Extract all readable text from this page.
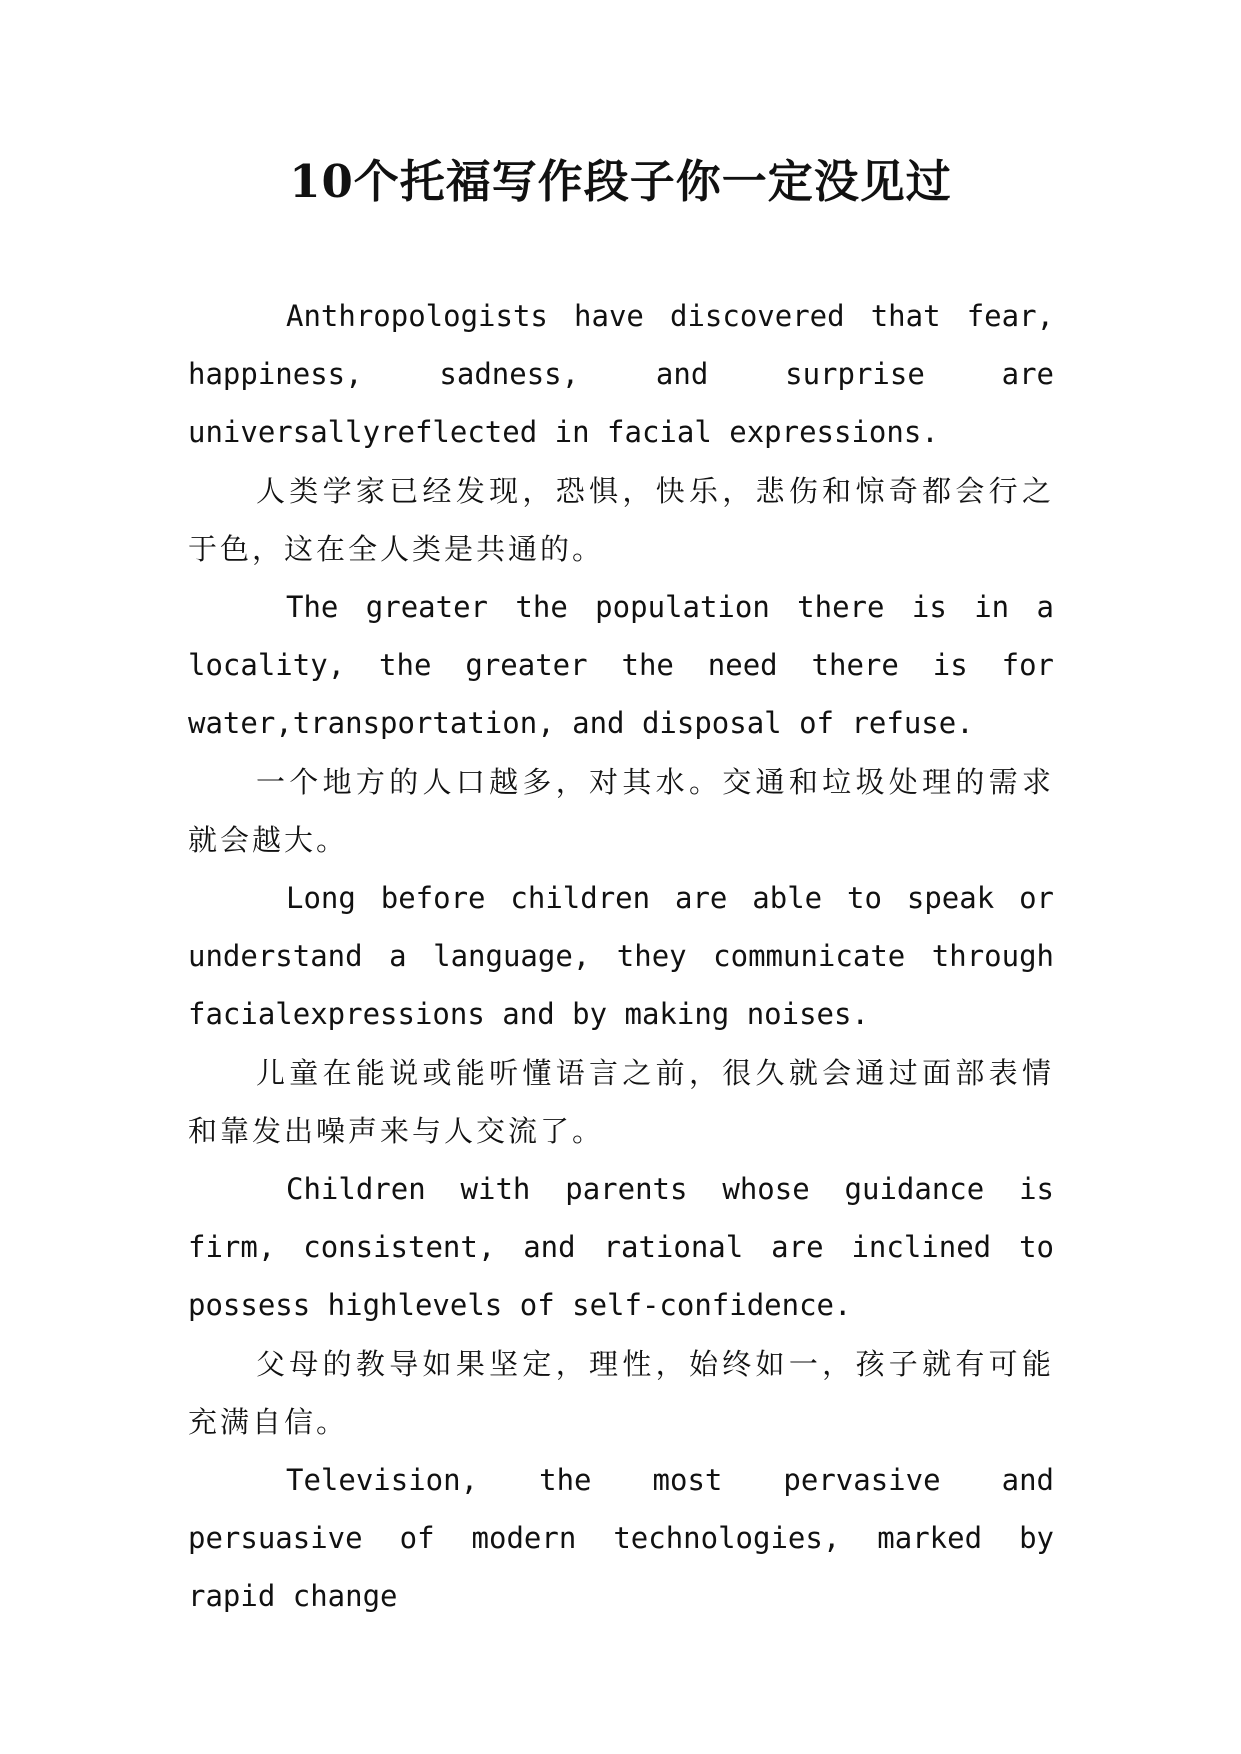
10个托福写作段子你一定没见过

Anthropologists have discovered that fear, happiness, sadness, and surprise are universallyreflected in facial expressions.

人类学家已经发现，恐惧，快乐，悲伤和惊奇都会行之于色，这在全人类是共通的。

The greater the population there is in a locality, the greater the need there is for water,transportation, and disposal of refuse.

一个地方的人口越多，对其水。交通和垃圾处理的需求就会越大。

Long before children are able to speak or understand a language, they communicate through facialexpressions and by making noises.

儿童在能说或能听懂语言之前，很久就会通过面部表情和靠发出噪声来与人交流了。

Children with parents whose guidance is firm, consistent, and rational are inclined to possess highlevels of self-confidence.

父母的教导如果坚定，理性，始终如一，孩子就有可能充满自信。

Television, the most pervasive and persuasive of modern technologies, marked by rapid change
